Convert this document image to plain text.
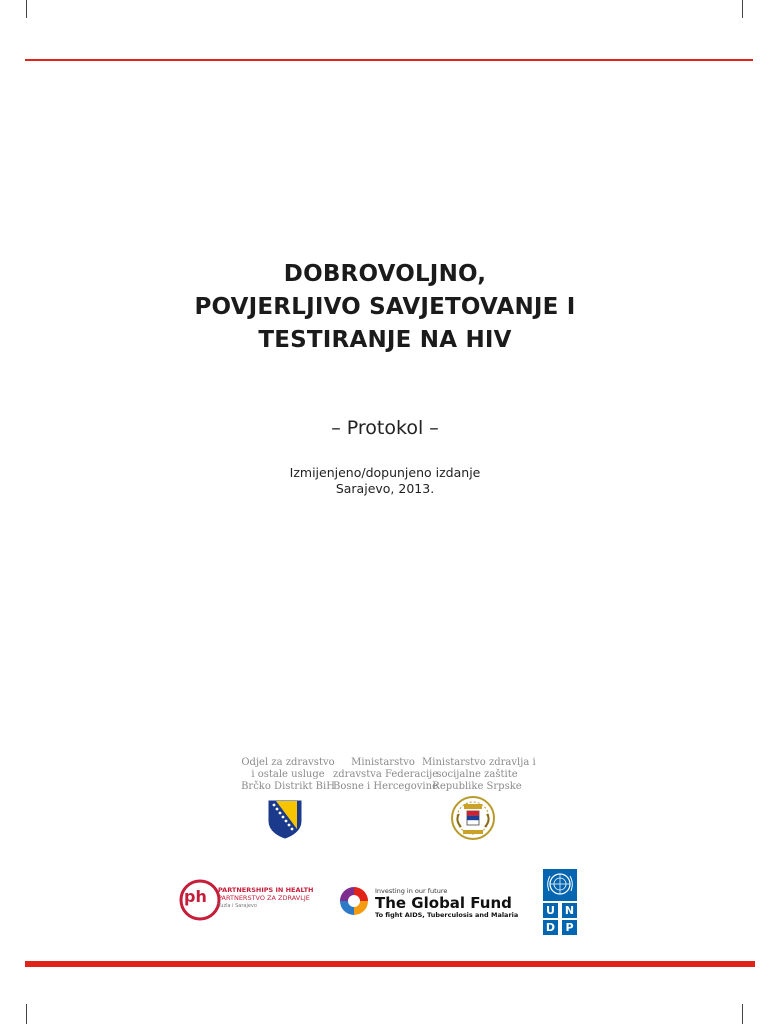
DOBROVOLJNO,
POVJERLJIVO SAVJETOVANJE I
TESTIRANJE NA HIV
– Protokol –
Izmijenjeno/dopunjeno izdanje
Sarajevo, 2013.
Odjel za zdravstvo
i ostale usluge
Brčko Distrikt BiH
Ministarstvo
zdravstva Federacije
Bosne i Hercegovine
Ministarstvo zdravlja i
socijalne zaštite
Republike Srpske
ph PARTNERSHIPS IN HEALTH
PARTNERSTVO ZA ZDRAVLJE
Tuzla i Sarajevo
Investing in our future
The Global Fund
To fight AIDS, Tuberculosis and Malaria	U N
D P
